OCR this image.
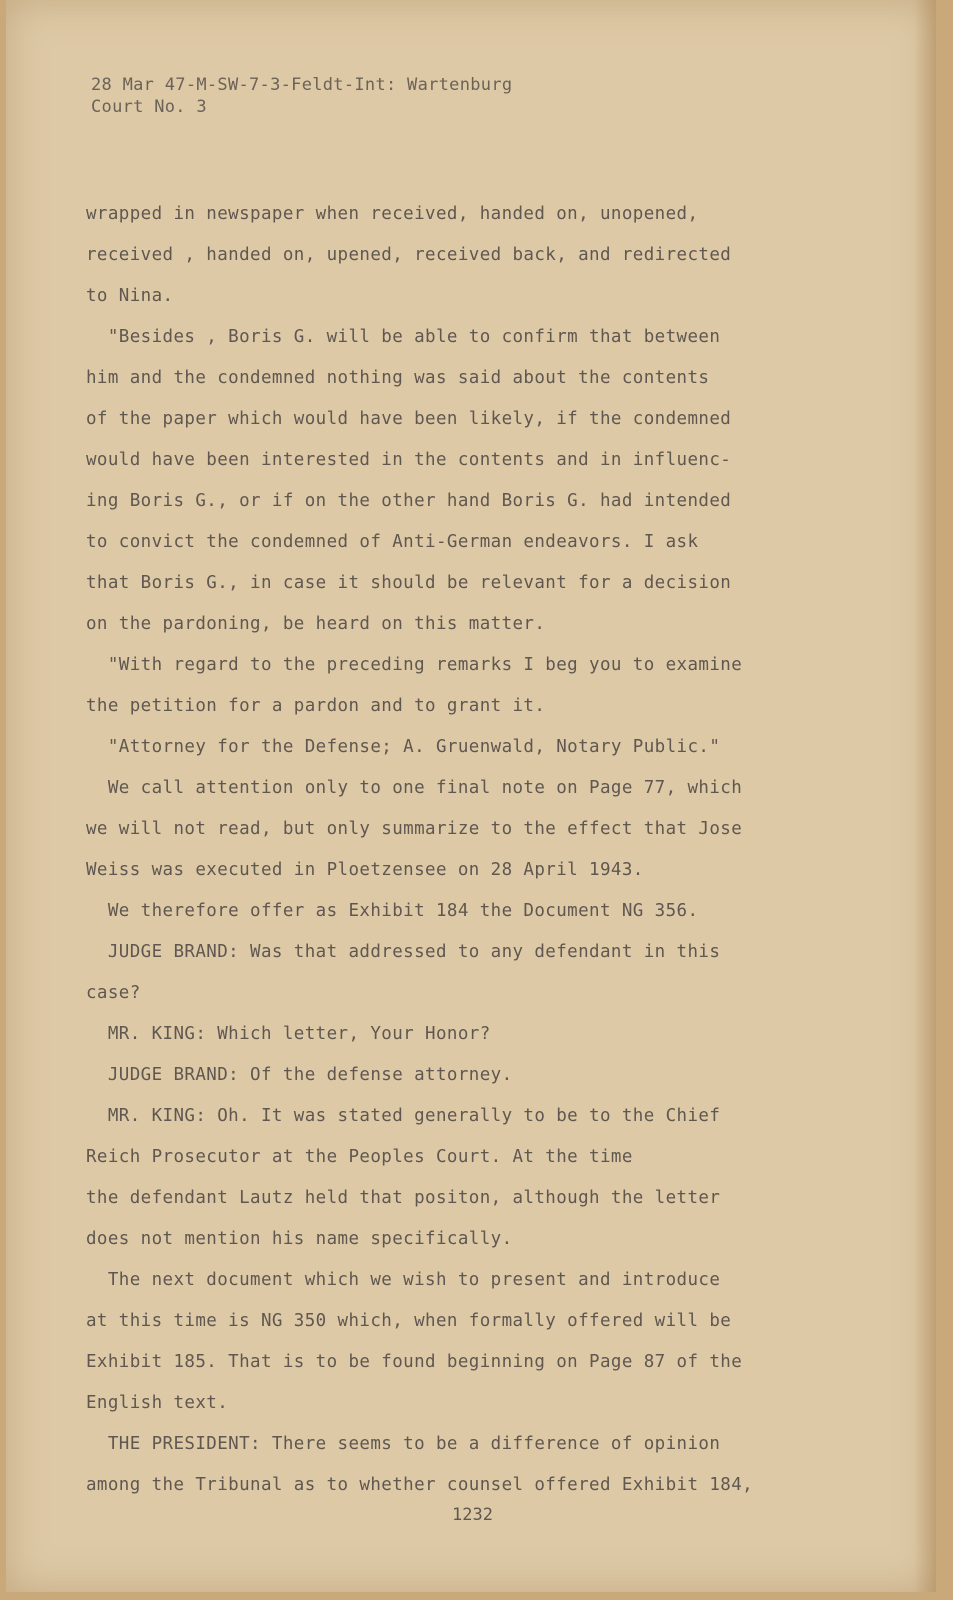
28 Mar 47-M-SW-7-3-Feldt-Int: Wartenburg
Court No. 3
wrapped in newspaper when received, handed on, unopened,
received , handed on, upened, received back, and redirected
to Nina.
"Besides , Boris G. will be able to confirm that between
him and the condemned nothing was said about the contents
of the paper which would have been likely, if the condemned
would have been interested in the contents and in influenc-
ing Boris G., or if on the other hand Boris G. had intended
to convict the condemned of Anti-German endeavors. I ask
that Boris G., in case it should be relevant for a decision
on the pardoning, be heard on this matter.
"With regard to the preceding remarks I beg you to examine
the petition for a pardon and to grant it.
"Attorney for the Defense; A. Gruenwald, Notary Public."
We call attention only to one final note on Page 77, which
we will not read, but only summarize to the effect that Jose
Weiss was executed in Ploetzensee on 28 April 1943.
We therefore offer as Exhibit 184 the Document NG 356.
JUDGE BRAND: Was that addressed to any defendant in this
case?
MR. KING: Which letter, Your Honor?
JUDGE BRAND: Of the defense attorney.
MR. KING: Oh. It was stated generally to be to the Chief
Reich Prosecutor at the Peoples Court. At the time
the defendant Lautz held that positon, although the letter
does not mention his name specifically.
The next document which we wish to present and introduce
at this time is NG 350 which, when formally offered will be
Exhibit 185. That is to be found beginning on Page 87 of the
English text.
THE PRESIDENT: There seems to be a difference of opinion
among the Tribunal as to whether counsel offered Exhibit 184,
1232
